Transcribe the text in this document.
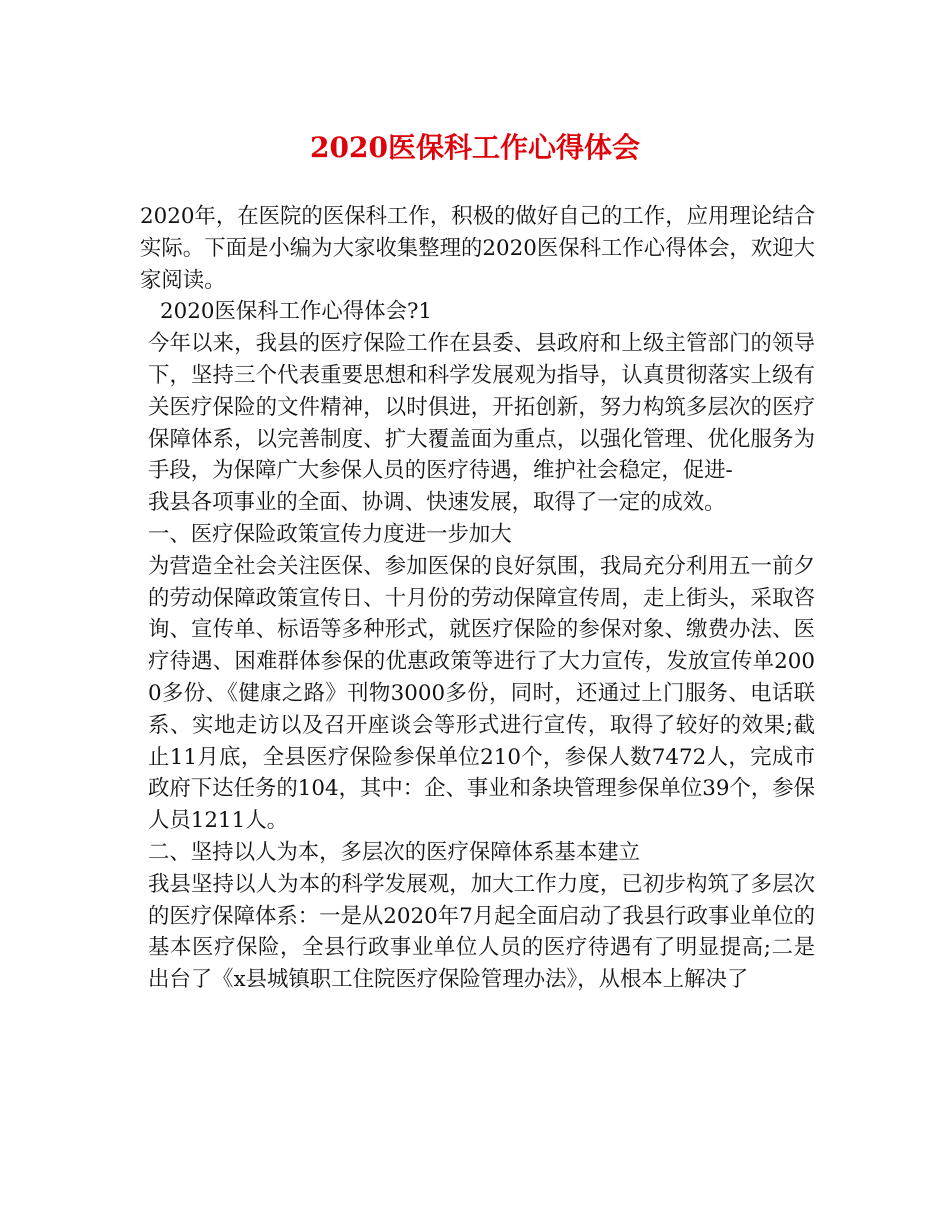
2020医保科工作心得体会

2020年，在医院的医保科工作，积极的做好自己的工作，应用理论结合实际。下面是小编为大家收集整理的2020医保科工作心得体会，欢迎大家阅读。

2020医保科工作心得体会?1

今年以来，我县的医疗保险工作在县委、县政府和上级主管部门的领导下，坚持三个代表重要思想和科学发展观为指导，认真贯彻落实上级有关医疗保险的文件精神，以时俱进，开拓创新，努力构筑多层次的医疗保障体系，以完善制度、扩大覆盖面为重点，以强化管理、优化服务为手段，为保障广大参保人员的医疗待遇，维护社会稳定，促进-

我县各项事业的全面、协调、快速发展，取得了一定的成效。

一、医疗保险政策宣传力度进一步加大

为营造全社会关注医保、参加医保的良好氛围，我局充分利用五一前夕的劳动保障政策宣传日、十月份的劳动保障宣传周，走上街头，采取咨询、宣传单、标语等多种形式，就医疗保险的参保对象、缴费办法、医疗待遇、困难群体参保的优惠政策等进行了大力宣传，发放宣传单2000多份、《健康之路》刊物3000多份，同时，还通过上门服务、电话联系、实地走访以及召开座谈会等形式进行宣传，取得了较好的效果;截止11月底，全县医疗保险参保单位210个，参保人数7472人，完成市政府下达任务的104，其中：企、事业和条块管理参保单位39个，参保人员1211人。

二、坚持以人为本，多层次的医疗保障体系基本建立

我县坚持以人为本的科学发展观，加大工作力度，已初步构筑了多层次的医疗保障体系：一是从2020年7月起全面启动了我县行政事业单位的基本医疗保险，全县行政事业单位人员的医疗待遇有了明显提高;二是出台了《x县城镇职工住院医疗保险管理办法》，从根本上解决了
